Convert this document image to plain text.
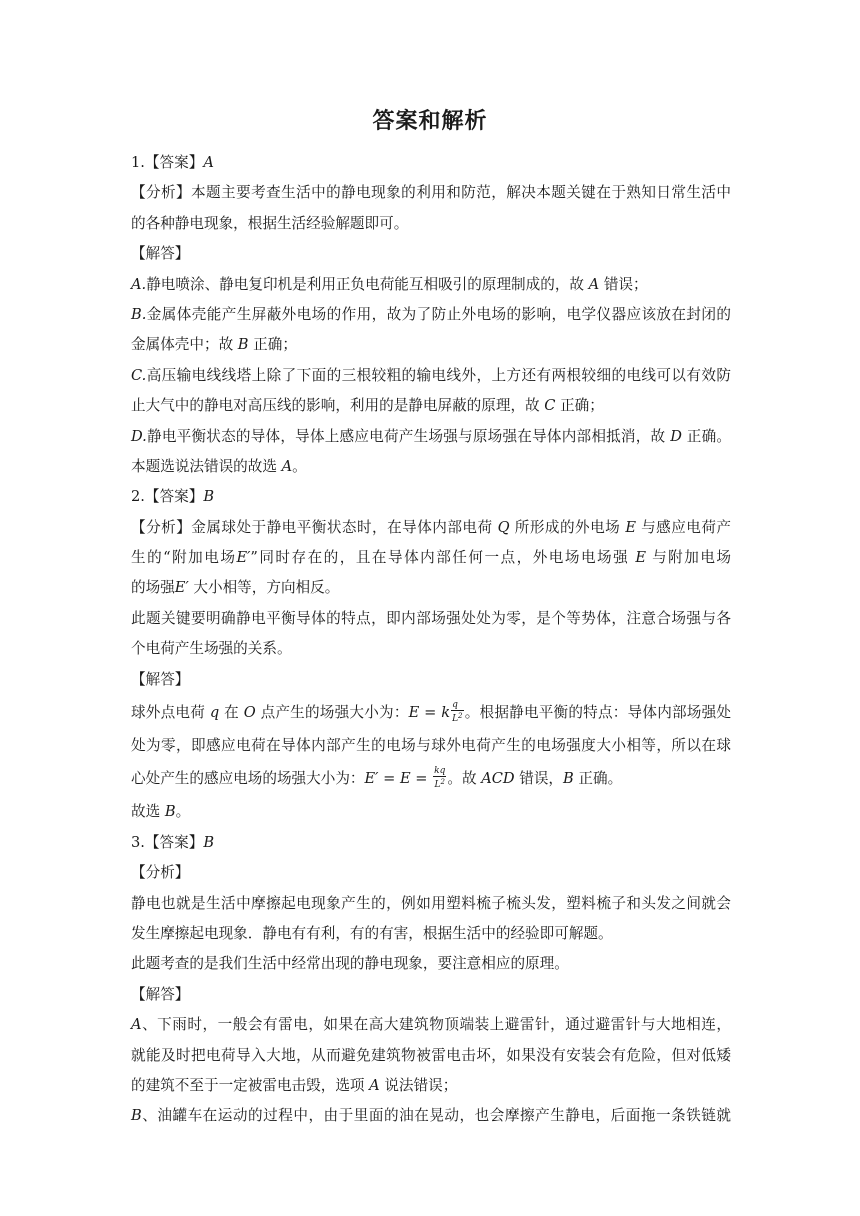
答案和解析
1.【答案】A
【分析】本题主要考查生活中的静电现象的利用和防范，解决本题关键在于熟知日常生活中
的各种静电现象，根据生活经验解题即可。
【解答】
A.静电喷涂、静电复印机是利用正负电荷能互相吸引的原理制成的，故 A 错误；
B.金属体壳能产生屏蔽外电场的作用，故为了防止外电场的影响，电学仪器应该放在封闭的
金属体壳中；故 B 正确；
C.高压输电线线塔上除了下面的三根较粗的输电线外，上方还有两根较细的电线可以有效防
止大气中的静电对高压线的影响，利用的是静电屏蔽的原理，故 C 正确；
D.静电平衡状态的导体，导体上感应电荷产生场强与原场强在导体内部相抵消，故 D 正确。
本题选说法错误的故选 A。
2.【答案】B
【分析】金属球处于静电平衡状态时，在导体内部电荷 Q 所形成的外电场 E 与感应电荷产
生的“附加电场E′”同时存在的，且在导体内部任何一点，外电场电场强 E 与附加电场
的场强E′ 大小相等，方向相反。
此题关键要明确静电平衡导体的特点，即内部场强处处为零，是个等势体，注意合场强与各
个电荷产生场强的关系。
【解答】
球外点电荷 q 在 O 点产生的场强大小为：E = k $\frac{q}{L^2}$ 。根据静电平衡的特点：导体内部场强处
处为零，即感应电荷在导体内部产生的电场与球外电荷产生的电场强度大小相等，所以在球
心处产生的感应电场的场强大小为：$E' = E = \frac{kq}{L^2}$ 。故 ACD 错误，B 正确。
故选 B。
3.【答案】B
【分析】
静电也就是生活中摩擦起电现象产生的，例如用塑料梳子梳头发，塑料梳子和头发之间就会
发生摩擦起电现象．静电有有利，有的有害，根据生活中的经验即可解题。
此题考查的是我们生活中经常出现的静电现象，要注意相应的原理。
【解答】
A、下雨时，一般会有雷电，如果在高大建筑物顶端装上避雷针，通过避雷针与大地相连，
就能及时把电荷导入大地，从而避免建筑物被雷电击坏，如果没有安装会有危险，但对低矮
的建筑不至于一定被雷电击毁，选项 A 说法错误；
B、油罐车在运动的过程中，由于里面的油在晃动，也会摩擦产生静电，后面拖一条铁链就
